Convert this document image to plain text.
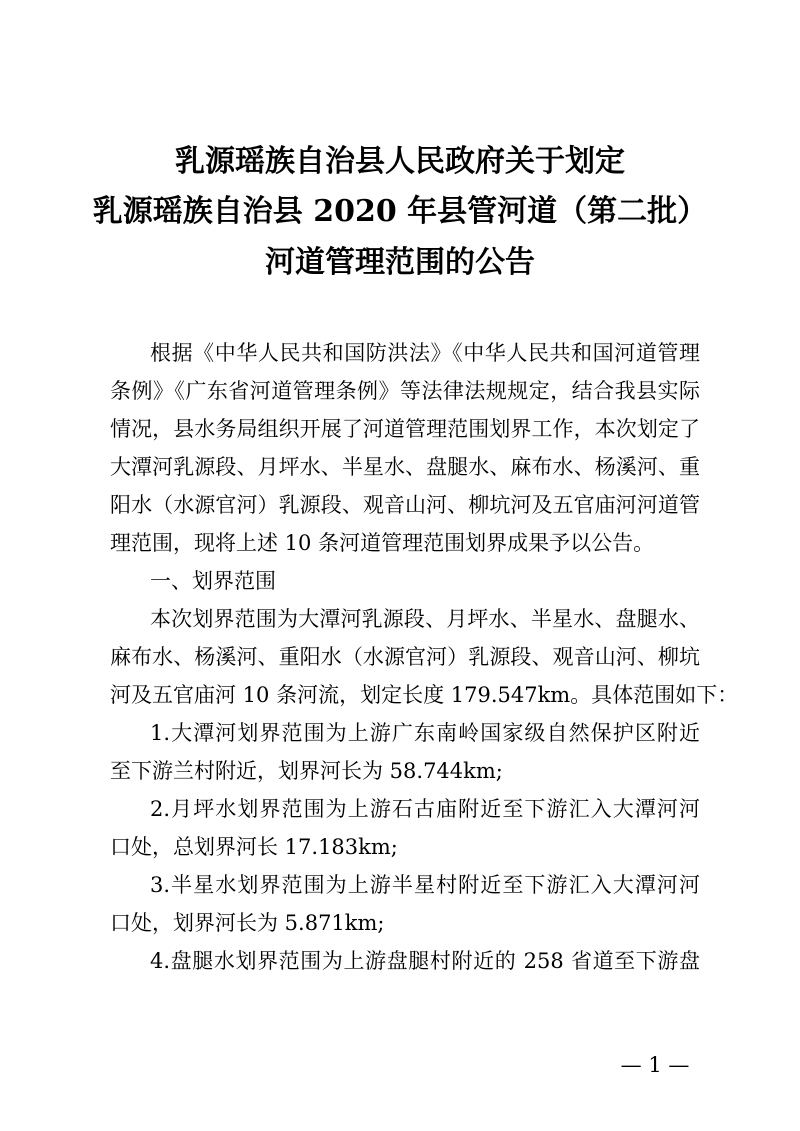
乳源瑶族自治县人民政府关于划定
乳源瑶族自治县 2020 年县管河道（第二批）
河道管理范围的公告
根据《中华人民共和国防洪法》《中华人民共和国河道管理
条例》《广东省河道管理条例》等法律法规规定，结合我县实际
情况，县水务局组织开展了河道管理范围划界工作，本次划定了
大潭河乳源段、月坪水、半星水、盘腿水、麻布水、杨溪河、重
阳水（水源官河）乳源段、观音山河、柳坑河及五官庙河河道管
理范围，现将上述 10 条河道管理范围划界成果予以公告。
一、划界范围
本次划界范围为大潭河乳源段、月坪水、半星水、盘腿水、
麻布水、杨溪河、重阳水（水源官河）乳源段、观音山河、柳坑
河及五官庙河 10 条河流，划定长度 179.547km。具体范围如下：
1.大潭河划界范围为上游广东南岭国家级自然保护区附近
至下游兰村附近，划界河长为 58.744km;
2.月坪水划界范围为上游石古庙附近至下游汇入大潭河河
口处，总划界河长 17.183km;
3.半星水划界范围为上游半星村附近至下游汇入大潭河河
口处，划界河长为 5.871km;
4.盘腿水划界范围为上游盘腿村附近的 258 省道至下游盘
— 1 —
